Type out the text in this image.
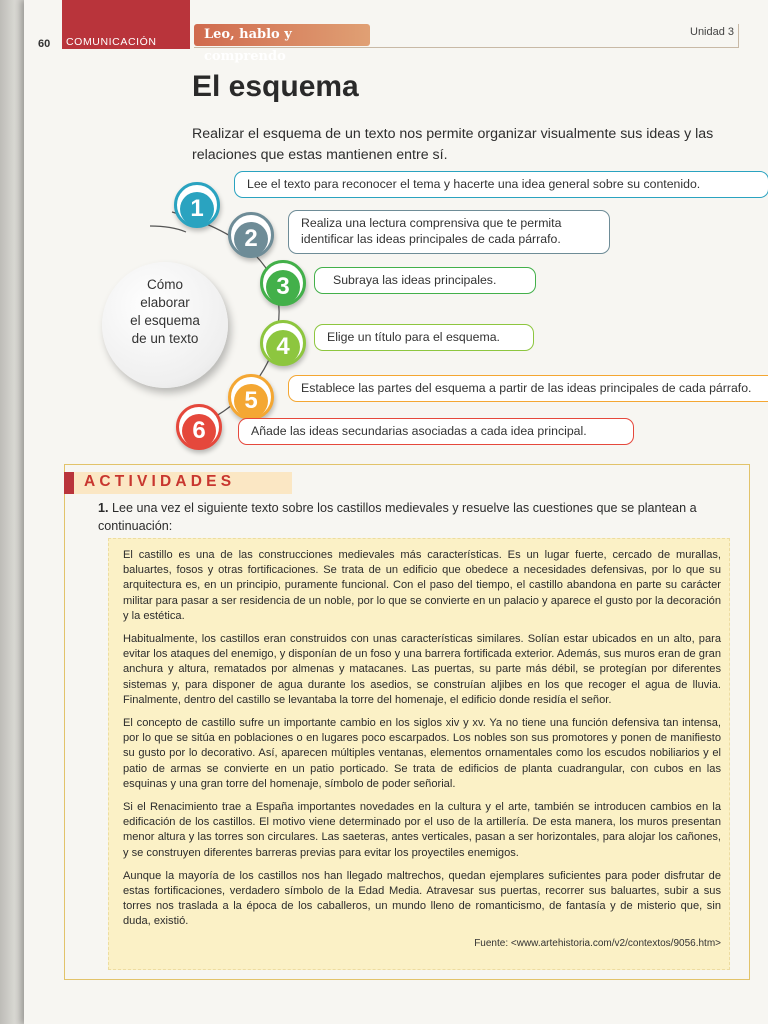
60 COMUNICACIÓN	Leo, hablo y comprendo
Unidad 3
El esquema
Realizar el esquema de un texto nos permite organizar visualmente sus ideas y las relaciones que estas mantienen entre sí.
Cómo
elaborar
el esquema
de un texto
1
Lee el texto para reconocer el tema y hacerte una idea general sobre su contenido.
2
Realiza una lectura comprensiva que te permita identificar las ideas principales de cada párrafo.
3	Subraya las ideas principales.
4	Elige un título para el esquema.
5	Establece las partes del esquema a partir de las ideas principales de cada párrafo.
6	Añade las ideas secundarias asociadas a cada idea principal.
ACTIVIDADES
1. Lee una vez el siguiente texto sobre los castillos medievales y resuelve las cuestiones que se plantean a continuación:

El castillo es una de las construcciones medievales más características. Es un lugar fuerte, cercado de murallas, baluartes, fosos y otras fortificaciones. Se trata de un edificio que obedece a necesidades defensivas, por lo que su arquitectura es, en un principio, puramente funcional. Con el paso del tiempo, el castillo abandona en parte su carácter militar para pasar a ser residencia de un noble, por lo que se convierte en un palacio y aparece el gusto por la decoración y la estética.

Habitualmente, los castillos eran construidos con unas características similares. Solían estar ubicados en un alto, para evitar los ataques del enemigo, y disponían de un foso y una barrera fortificada exterior. Además, sus muros eran de gran anchura y altura, rematados por almenas y matacanes. Las puertas, su parte más débil, se protegían por diferentes sistemas y, para disponer de agua durante los asedios, se construían aljibes en los que recoger el agua de lluvia. Finalmente, dentro del castillo se levantaba la torre del homenaje, el edificio donde residía el señor.

El concepto de castillo sufre un importante cambio en los siglos xiv y xv. Ya no tiene una función defensiva tan intensa, por lo que se sitúa en poblaciones o en lugares poco escarpados. Los nobles son sus promotores y ponen de manifiesto su gusto por lo decorativo. Así, aparecen múltiples ventanas, elementos ornamentales como los escudos nobiliarios y el patio de armas se convierte en un patio porticado. Se trata de edificios de planta cuadrangular, con cubos en las esquinas y una gran torre del homenaje, símbolo de poder señorial.

Si el Renacimiento trae a España importantes novedades en la cultura y el arte, también se introducen cambios en la edificación de los castillos. El motivo viene determinado por el uso de la artillería. De esta manera, los muros presentan menor altura y las torres son circulares. Las saeteras, antes verticales, pasan a ser horizontales, para alojar los cañones, y se construyen diferentes barreras previas para evitar los proyectiles enemigos.

Aunque la mayoría de los castillos nos han llegado maltrechos, quedan ejemplares suficientes para poder disfrutar de estas fortificaciones, verdadero símbolo de la Edad Media. Atravesar sus puertas, recorrer sus baluartes, subir a sus torres nos traslada a la época de los caballeros, un mundo lleno de romanticismo, de fantasía y de misterio que, sin duda, existió.

Fuente: <www.artehistoria.com/v2/contextos/9056.htm>
